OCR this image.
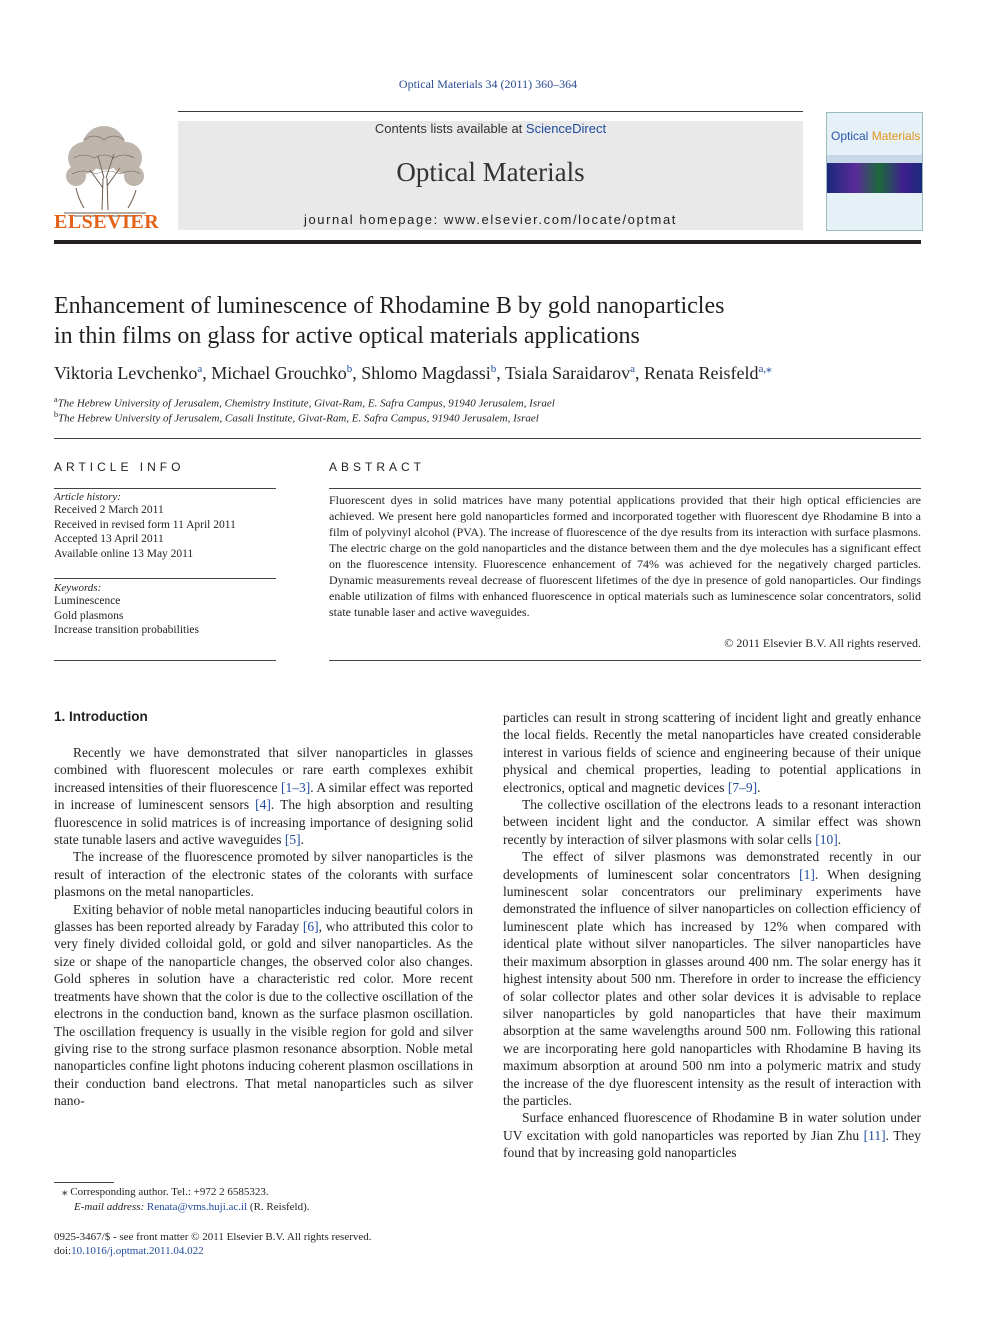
Optical Materials 34 (2011) 360–364
ELSEVIER
Contents lists available at ScienceDirect
Optical Materials
journal homepage: www.elsevier.com/locate/optmat
Optical Materials
Enhancement of luminescence of Rhodamine B by gold nanoparticles
in thin films on glass for active optical materials applications
Viktoria Levchenko$^a$, Michael Grouchko$^b$, Shlomo Magdassi$^b$, Tsiala Saraidarov$^a$, Renata Reisfeld$^{a,⁎}$
$^a$The Hebrew University of Jerusalem, Chemistry Institute, Givat-Ram, E. Safra Campus, 91940 Jerusalem, Israel
$^b$The Hebrew University of Jerusalem, Casali Institute, Givat-Ram, E. Safra Campus, 91940 Jerusalem, Israel
ARTICLE INFO
Article history:
Received 2 March 2011
Received in revised form 11 April 2011
Accepted 13 April 2011
Available online 13 May 2011
Keywords:
Luminescence
Gold plasmons
Increase transition probabilities
ABSTRACT
Fluorescent dyes in solid matrices have many potential applications provided that their high optical efficiencies are achieved. We present here gold nanoparticles formed and incorporated together with fluorescent dye Rhodamine B into a film of polyvinyl alcohol (PVA). The increase of fluorescence of the dye results from its interaction with surface plasmons. The electric charge on the gold nanoparticles and the distance between them and the dye molecules has a significant effect on the fluorescence intensity. Fluorescence enhancement of 74% was achieved for the negatively charged particles. Dynamic measurements reveal decrease of fluorescent lifetimes of the dye in presence of gold nanoparticles. Our findings enable utilization of films with enhanced fluorescence in optical materials such as luminescence solar concentrators, solid state tunable laser and active waveguides.
© 2011 Elsevier B.V. All rights reserved.
1. Introduction

Recently we have demonstrated that silver nanoparticles in glasses combined with fluorescent molecules or rare earth complexes exhibit increased intensities of their fluorescence [1–3]. A similar effect was reported in increase of luminescent sensors [4]. The high absorption and resulting fluorescence in solid matrices is of increasing importance of designing solid state tunable lasers and active waveguides [5].

The increase of the fluorescence promoted by silver nanoparticles is the result of interaction of the electronic states of the colorants with surface plasmons on the metal nanoparticles.

Exiting behavior of noble metal nanoparticles inducing beautiful colors in glasses has been reported already by Faraday [6], who attributed this color to very finely divided colloidal gold, or gold and silver nanoparticles. As the size or shape of the nanoparticle changes, the observed color also changes. Gold spheres in solution have a characteristic red color. More recent treatments have shown that the color is due to the collective oscillation of the electrons in the conduction band, known as the surface plasmon oscillation. The oscillation frequency is usually in the visible region for gold and silver giving rise to the strong surface plasmon resonance absorption. Noble metal nanoparticles confine light photons inducing coherent plasmon oscillations in their conduction band electrons. That metal nanoparticles such as silver nano-

particles can result in strong scattering of incident light and greatly enhance the local fields. Recently the metal nanoparticles have created considerable interest in various fields of science and engineering because of their unique physical and chemical properties, leading to potential applications in electronics, optical and magnetic devices [7–9].

The collective oscillation of the electrons leads to a resonant interaction between incident light and the conductor. A similar effect was shown recently by interaction of silver plasmons with solar cells [10].

The effect of silver plasmons was demonstrated recently in our developments of luminescent solar concentrators [1]. When designing luminescent solar concentrators our preliminary experiments have demonstrated the influence of silver nanoparticles on collection efficiency of luminescent plate which has increased by 12% when compared with identical plate without silver nanoparticles. The silver nanoparticles have their maximum absorption in glasses around 400 nm. The solar energy has it highest intensity about 500 nm. Therefore in order to increase the efficiency of solar collector plates and other solar devices it is advisable to replace silver nanoparticles by gold nanoparticles that have their maximum absorption at the same wavelengths around 500 nm. Following this rational we are incorporating here gold nanoparticles with Rhodamine B having its maximum absorption at around 500 nm into a polymeric matrix and study the increase of the dye fluorescent intensity as the result of interaction with the particles.

Surface enhanced fluorescence of Rhodamine B in water solution under UV excitation with gold nanoparticles was reported by Jian Zhu [11]. They found that by increasing gold nanoparticles

⁎ Corresponding author. Tel.: +972 2 6585323.
E-mail address: Renata@vms.huji.ac.il (R. Reisfeld).
0925-3467/$ - see front matter © 2011 Elsevier B.V. All rights reserved.
doi:10.1016/j.optmat.2011.04.022
